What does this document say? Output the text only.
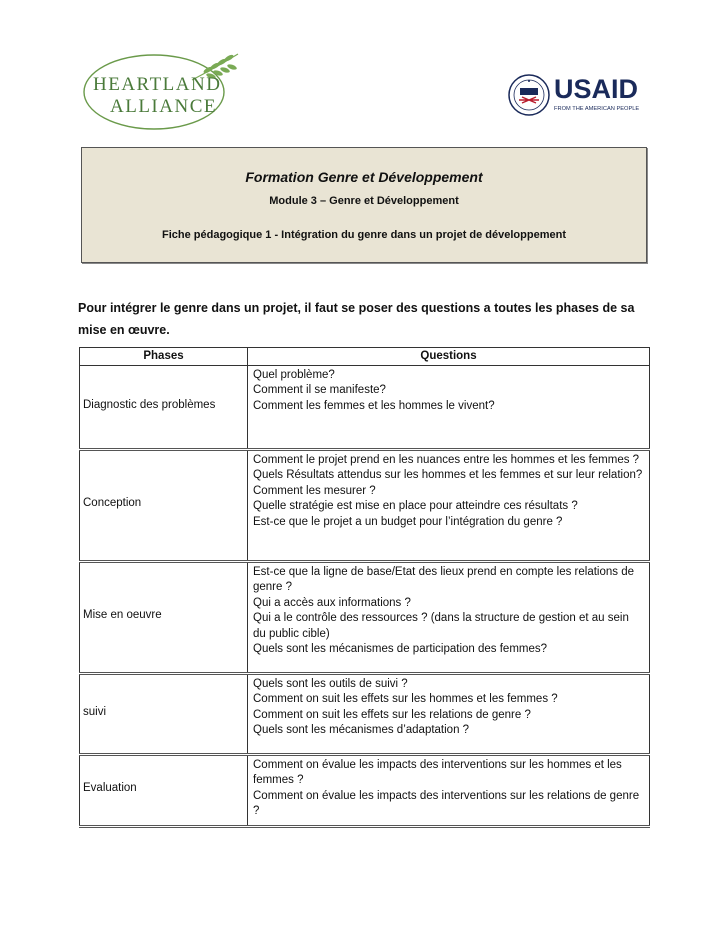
HEARTLAND
ALLIANCE
USAID
FROM THE AMERICAN PEOPLE
Formation Genre et Développement
Module 3 – Genre et Développement
Fiche pédagogique 1 - Intégration du genre dans un projet de développement
Pour intégrer le genre dans un projet, il faut se poser des questions a toutes les phases de sa mise en œuvre.
Phases	Questions
Diagnostic des problèmes	Quel problème?
Comment il se manifeste?
Comment les femmes et les hommes le vivent?

Conception	Comment le projet prend en les nuances entre les hommes et les femmes ?
Quels Résultats attendus sur les hommes et les femmes et sur leur relation? Comment les mesurer ?
Quelle stratégie est mise en place pour atteindre ces résultats ?
Est-ce que le projet a un budget pour l’intégration du genre ?

Mise en oeuvre	Est-ce que la ligne de base/Etat des lieux prend en compte les relations de genre ?
Qui a accès aux informations ?
Qui a le contrôle des ressources ? (dans la structure de gestion et au sein du public cible)
Quels sont les mécanismes de participation des femmes?

suivi	Quels sont les outils de suivi ?
Comment on suit les effets sur les hommes et les femmes ?
Comment on suit les effets sur les relations de genre ?
Quels sont les mécanismes d’adaptation ?

Evaluation	Comment on évalue les impacts des interventions sur les hommes et les femmes ?
Comment on évalue les impacts des interventions sur les relations de genre ?
